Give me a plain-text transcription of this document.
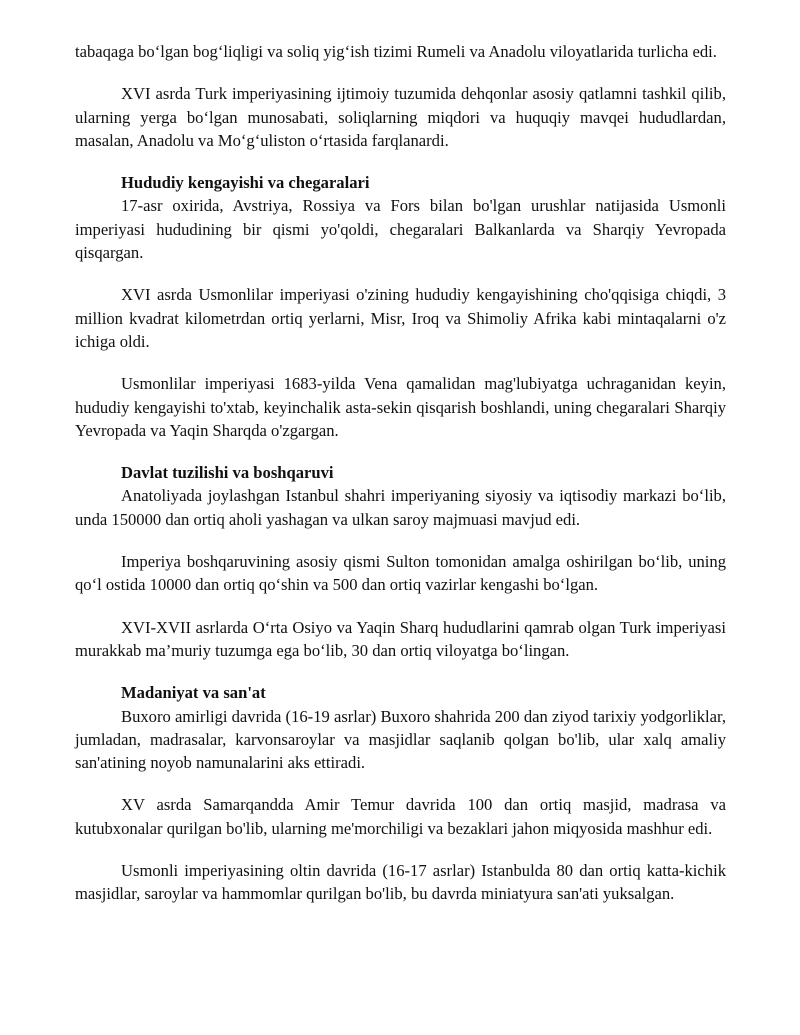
tabaqaga bo‘lgan bog‘liqligi va soliq yig‘ish tizimi Rumeli va Anadolu viloyatlarida turlicha edi.

XVI asrda Turk imperiyasining ijtimoiy tuzumida dehqonlar asosiy qatlamni tashkil qilib, ularning yerga bo‘lgan munosabati, soliqlarning miqdori va huquqiy mavqei hududlardan, masalan, Anadolu va Mo‘g‘uliston o‘rtasida farqlanardi.

Hududiy kengayishi va chegaralari

17-asr oxirida, Avstriya, Rossiya va Fors bilan bo'lgan urushlar natijasida Usmonli imperiyasi hududining bir qismi yo'qoldi, chegaralari Balkanlarda va Sharqiy Yevropada qisqargan.

XVI asrda Usmonlilar imperiyasi o'zining hududiy kengayishining cho'qqisiga chiqdi, 3 million kvadrat kilometrdan ortiq yerlarni, Misr, Iroq va Shimoliy Afrika kabi mintaqalarni o'z ichiga oldi.

Usmonlilar imperiyasi 1683-yilda Vena qamalidan mag'lubiyatga uchraganidan keyin, hududiy kengayishi to'xtab, keyinchalik asta-sekin qisqarish boshlandi, uning chegaralari Sharqiy Yevropada va Yaqin Sharqda o'zgargan.

Davlat tuzilishi va boshqaruvi

Anatoliyada joylashgan Istanbul shahri imperiyaning siyosiy va iqtisodiy markazi bo‘lib, unda 150000 dan ortiq aholi yashagan va ulkan saroy majmuasi mavjud edi.

Imperiya boshqaruvining asosiy qismi Sulton tomonidan amalga oshirilgan bo‘lib, uning qo‘l ostida 10000 dan ortiq qo‘shin va 500 dan ortiq vazirlar kengashi bo‘lgan.

XVI-XVII asrlarda O‘rta Osiyo va Yaqin Sharq hududlarini qamrab olgan Turk imperiyasi murakkab ma’muriy tuzumga ega bo‘lib, 30 dan ortiq viloyatga bo‘lingan.

Madaniyat va san'at

Buxoro amirligi davrida (16-19 asrlar) Buxoro shahrida 200 dan ziyod tarixiy yodgorliklar, jumladan, madrasalar, karvonsaroylar va masjidlar saqlanib qolgan bo'lib, ular xalq amaliy san'atining noyob namunalarini aks ettiradi.

XV asrda Samarqandda Amir Temur davrida 100 dan ortiq masjid, madrasa va kutubxonalar qurilgan bo'lib, ularning me'morchiligi va bezaklari jahon miqyosida mashhur edi.

Usmonli imperiyasining oltin davrida (16-17 asrlar) Istanbulda 80 dan ortiq katta-kichik masjidlar, saroylar va hammomlar qurilgan bo'lib, bu davrda miniatyura san'ati yuksalgan.
